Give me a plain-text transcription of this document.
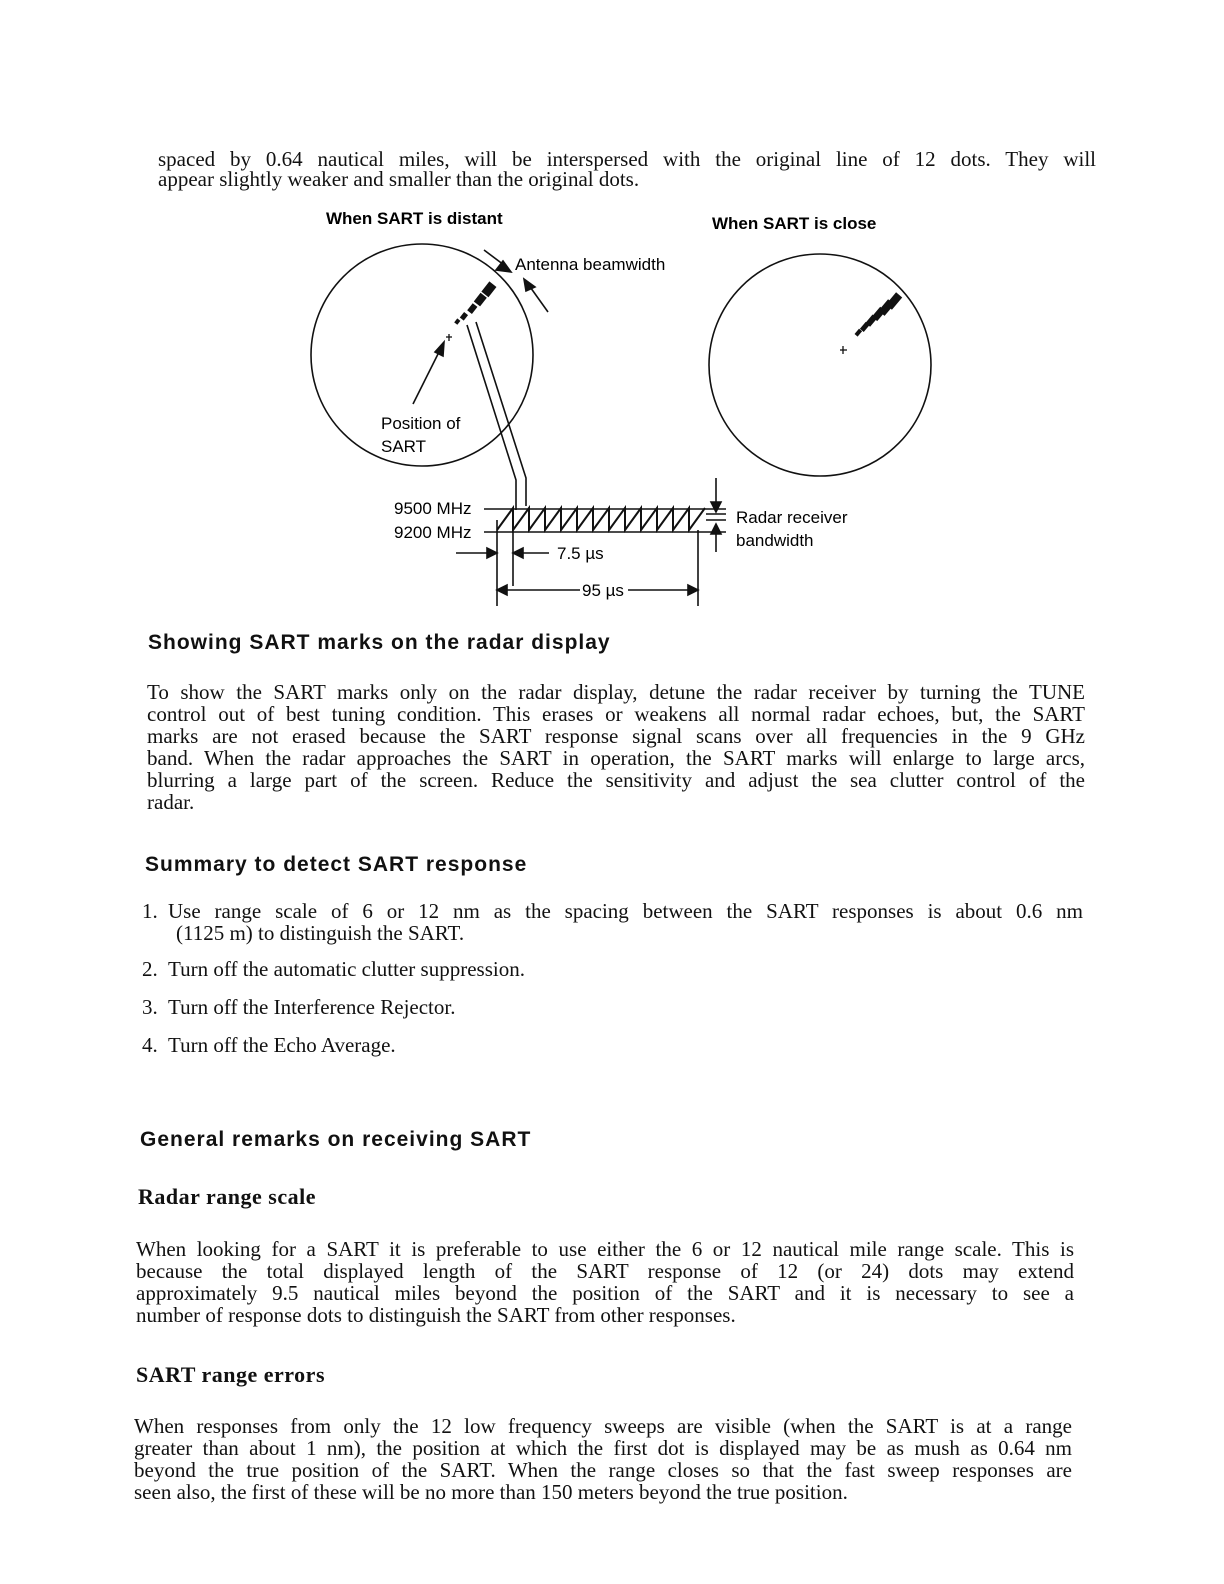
spaced by 0.64 nautical miles, will be interspersed with the original line of 12 dots. They will

appear slightly weaker and smaller than the original dots.

When SART is distant	When SART is close
Antenna beamwidth
Position of
SART
9500 MHz
9200 MHz
7.5 µs
95 µs
Radar receiver
bandwidth
Showing SART marks on the radar display

To show the SART marks only on the radar display, detune the radar receiver by turning the TUNE

control out of best tuning condition. This erases or weakens all normal radar echoes, but, the SART

marks are not erased because the SART response signal scans over all frequencies in the 9 GHz

band. When the radar approaches the SART in operation, the SART marks will enlarge to large arcs,

blurring a large part of the screen. Reduce the sensitivity and adjust the sea clutter control of the

radar.

Summary to detect SART response
1. Use range scale of 6 or 12 nm as the spacing between the SART responses is about 0.6 nm

(1125 m) to distinguish the SART.

2. Turn off the automatic clutter suppression.
3. Turn off the Interference Rejector.
4. Turn off the Echo Average.
General remarks on receiving SART
Radar range scale

When looking for a SART it is preferable to use either the 6 or 12 nautical mile range scale. This is

because the total displayed length of the SART response of 12 (or 24) dots may extend

approximately 9.5 nautical miles beyond the position of the SART and it is necessary to see a

number of response dots to distinguish the SART from other responses.

SART range errors

When responses from only the 12 low frequency sweeps are visible (when the SART is at a range

greater than about 1 nm), the position at which the first dot is displayed may be as mush as 0.64 nm

beyond the true position of the SART. When the range closes so that the fast sweep responses are

seen also, the first of these will be no more than 150 meters beyond the true position.
